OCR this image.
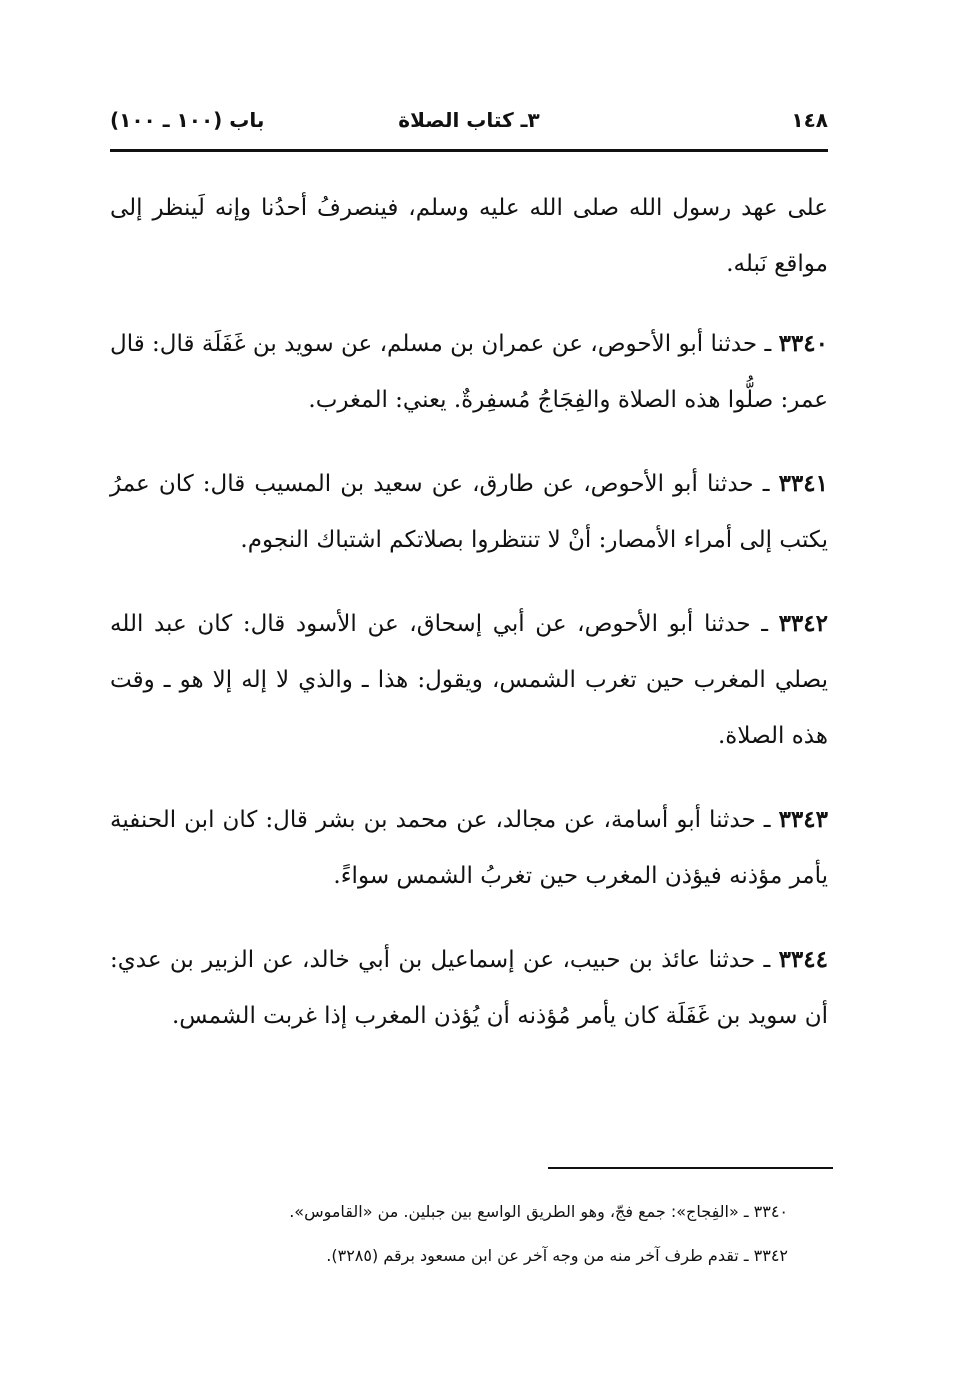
١٤٨
٣ـ كتاب الصلاة
باب (١٠٠ ـ ١٠٠)

على عهد رسول الله صلى الله عليه وسلم، فينصرفُ أحدُنا وإنه لَينظر إلى مواقع نَبله.

٣٣٤٠ ـ حدثنا أبو الأحوص، عن عمران بن مسلم، عن سويد بن غَفَلَة قال: قال عمر: صلُّوا هذه الصلاة والفِجَاجُ مُسفِرةٌ. يعني: المغرب.

٣٣٤١ ـ حدثنا أبو الأحوص، عن طارق، عن سعيد بن المسيب قال: كان عمرُ يكتب إلى أمراء الأمصار: أنْ لا تنتظروا بصلاتكم اشتباك النجوم.

٣٣٤٢ ـ حدثنا أبو الأحوص، عن أبي إسحاق، عن الأسود قال: كان عبد الله يصلي المغرب حين تغرب الشمس، ويقول: هذا ـ والذي لا إله إلا هو ـ وقت هذه الصلاة.

٣٣٤٣ ـ حدثنا أبو أسامة، عن مجالد، عن محمد بن بشر قال: كان ابن الحنفية يأمر مؤذنه فيؤذن المغرب حين تغربُ الشمس سواءً.

٣٣٤٤ ـ حدثنا عائذ بن حبيب، عن إسماعيل بن أبي خالد، عن الزبير بن عدي: أن سويد بن غَفَلَة كان يأمر مُؤذنه أن يُؤذن المغرب إذا غربت الشمس.

٣٣٤٠ ـ «الفِجاج»: جمع فجّ، وهو الطريق الواسع بين جبلين. من «القاموس».
٣٣٤٢ ـ تقدم طرف آخر منه من وجه آخر عن ابن مسعود برقم (٣٢٨٥).
